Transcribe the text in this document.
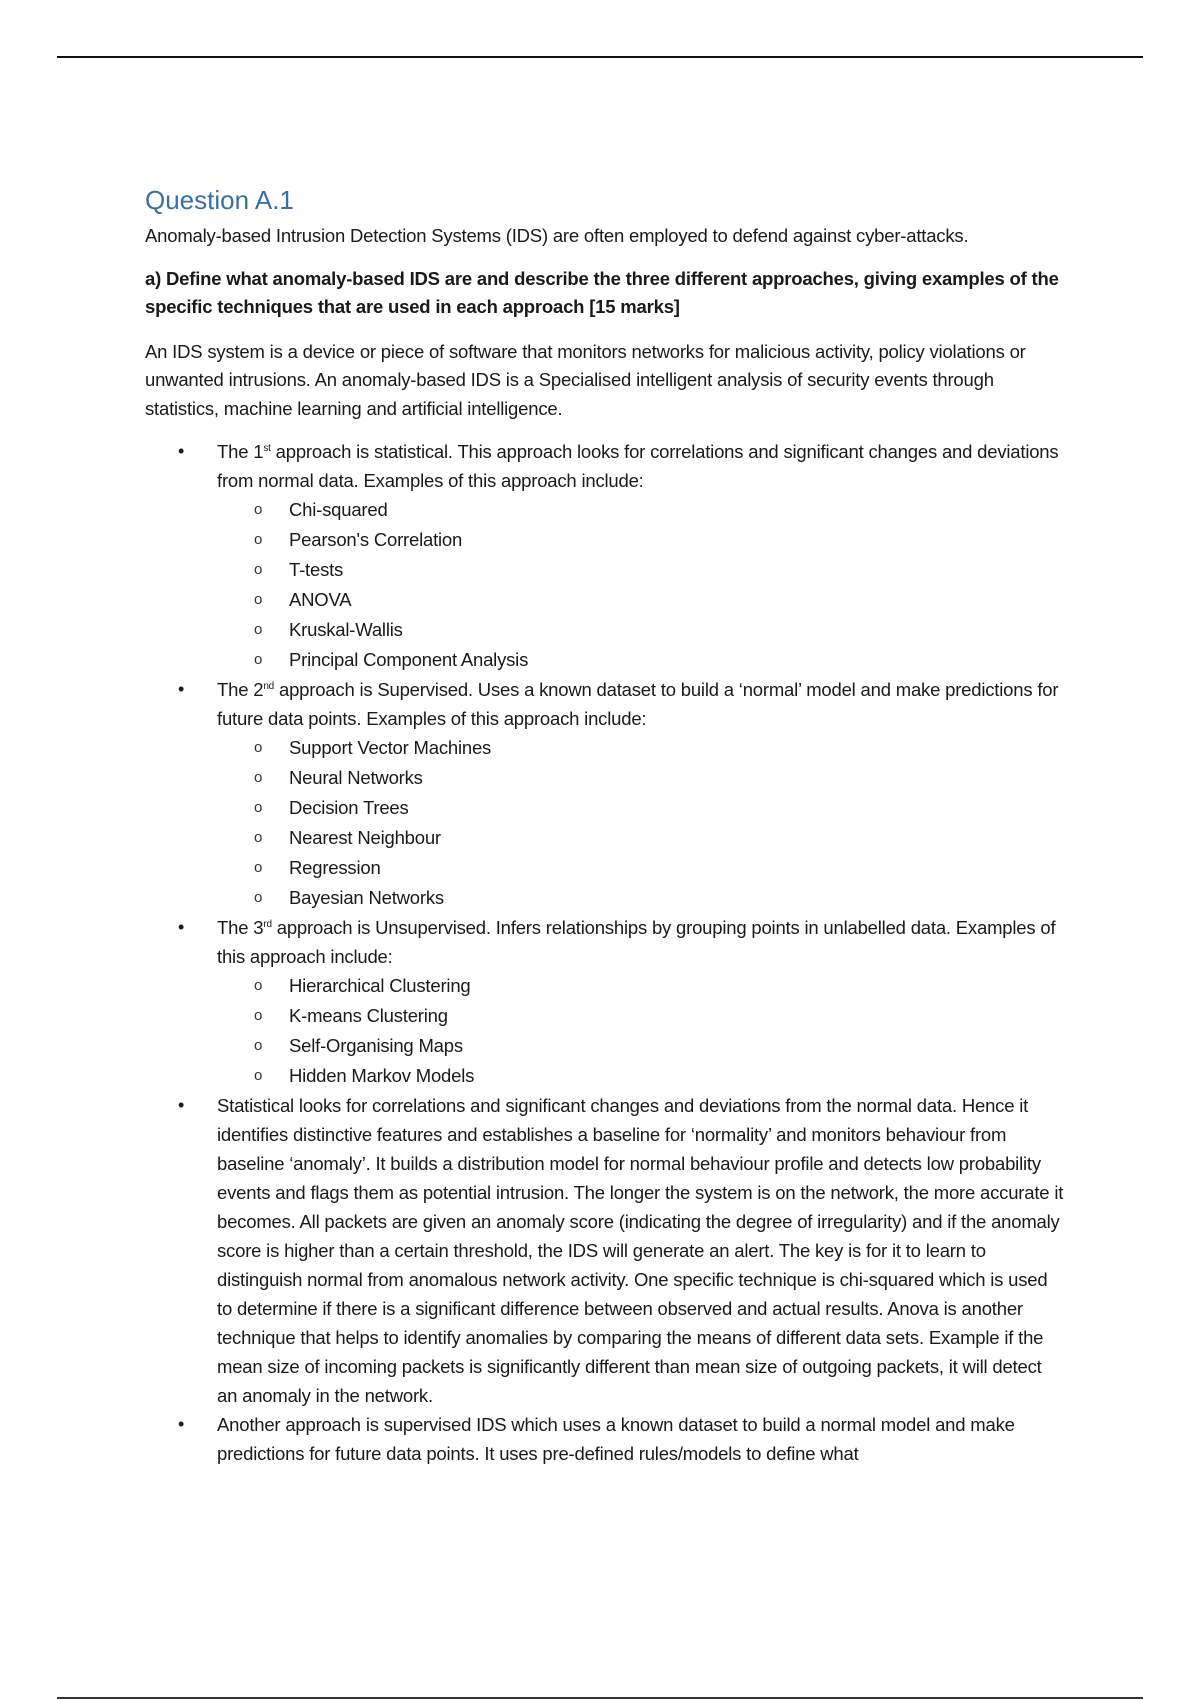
Question A.1

Anomaly-based Intrusion Detection Systems (IDS) are often employed to defend against cyber-attacks.

a) Define what anomaly-based IDS are and describe the three different approaches, giving examples of the specific techniques that are used in each approach [15 marks]

An IDS system is a device or piece of software that monitors networks for malicious activity, policy violations or unwanted intrusions. An anomaly-based IDS is a Specialised intelligent analysis of security events through statistics, machine learning and artificial intelligence.

• The 1st approach is statistical. This approach looks for correlations and significant changes and deviations from normal data. Examples of this approach include:
o Chi-squared
o Pearson's Correlation
o T-tests
o ANOVA
o Kruskal-Wallis
o Principal Component Analysis
• The 2nd approach is Supervised. Uses a known dataset to build a ‘normal’ model and make predictions for future data points. Examples of this approach include:
o Support Vector Machines
o Neural Networks
o Decision Trees
o Nearest Neighbour
o Regression
o Bayesian Networks
• The 3rd approach is Unsupervised. Infers relationships by grouping points in unlabelled data. Examples of this approach include:
o Hierarchical Clustering
o K-means Clustering
o Self-Organising Maps
o Hidden Markov Models
• Statistical looks for correlations and significant changes and deviations from the normal data. Hence it identifies distinctive features and establishes a baseline for ‘normality’ and monitors behaviour from baseline ‘anomaly’. It builds a distribution model for normal behaviour profile and detects low probability events and flags them as potential intrusion. The longer the system is on the network, the more accurate it becomes. All packets are given an anomaly score (indicating the degree of irregularity) and if the anomaly score is higher than a certain threshold, the IDS will generate an alert. The key is for it to learn to distinguish normal from anomalous network activity. One specific technique is chi-squared which is used to determine if there is a significant difference between observed and actual results. Anova is another technique that helps to identify anomalies by comparing the means of different data sets. Example if the mean size of incoming packets is significantly different than mean size of outgoing packets, it will detect an anomaly in the network.
• Another approach is supervised IDS which uses a known dataset to build a normal model and make predictions for future data points. It uses pre-defined rules/models to define what
